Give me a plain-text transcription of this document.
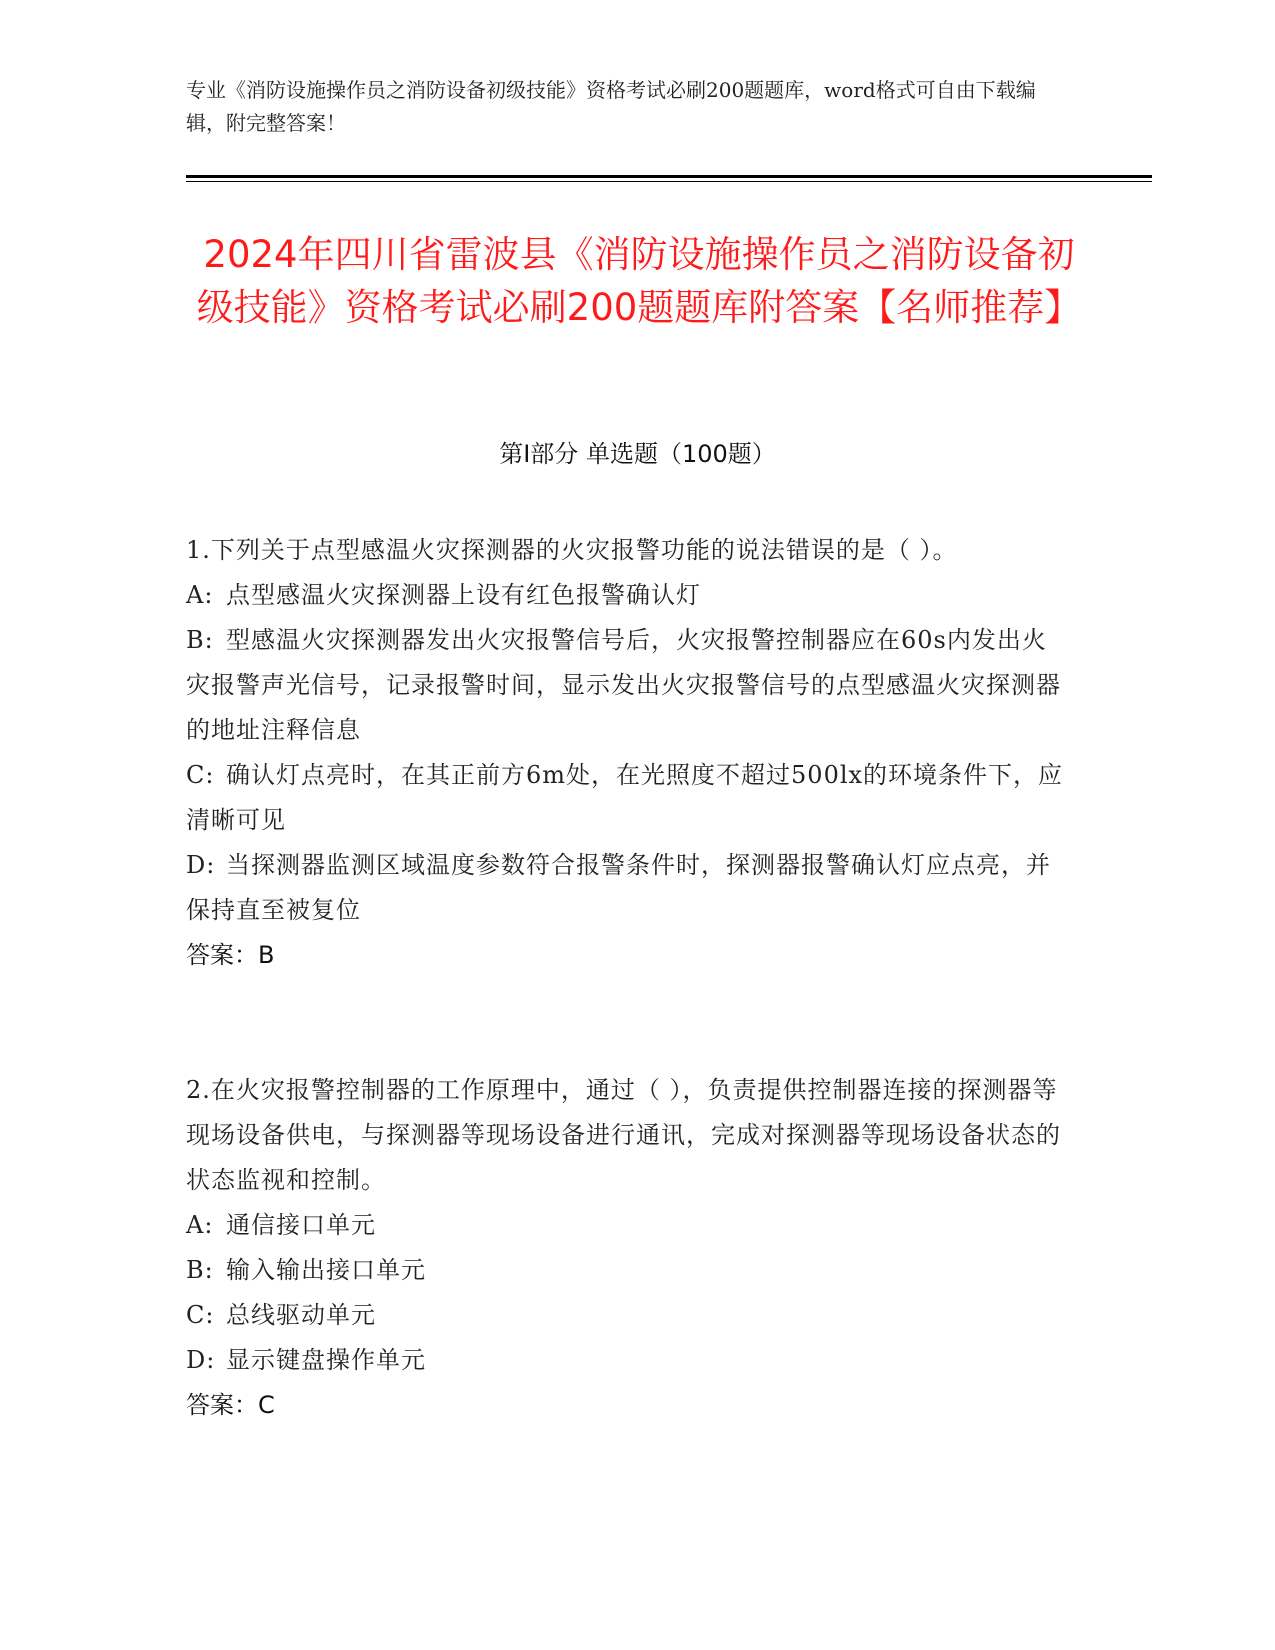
专业《消防设施操作员之消防设备初级技能》资格考试必刷200题题库，word格式可自由下载编辑，附完整答案！
2024年四川省雷波县《消防设施操作员之消防设备初级技能》资格考试必刷200题题库附答案【名师推荐】
第I部分 单选题（100题）
1.下列关于点型感温火灾探测器的火灾报警功能的说法错误的是（ ）。
A: 点型感温火灾探测器上设有红色报警确认灯
B: 型感温火灾探测器发出火灾报警信号后，火灾报警控制器应在60s内发出火灾报警声光信号，记录报警时间，显示发出火灾报警信号的点型感温火灾探测器的地址注释信息
C: 确认灯点亮时，在其正前方6m处，在光照度不超过500lx的环境条件下，应清晰可见
D: 当探测器监测区域温度参数符合报警条件时，探测器报警确认灯应点亮，并保持直至被复位
答案：B
2.在火灾报警控制器的工作原理中，通过（ ），负责提供控制器连接的探测器等现场设备供电，与探测器等现场设备进行通讯，完成对探测器等现场设备状态的状态监视和控制。
A: 通信接口单元
B: 输入输出接口单元
C: 总线驱动单元
D: 显示键盘操作单元
答案：C
